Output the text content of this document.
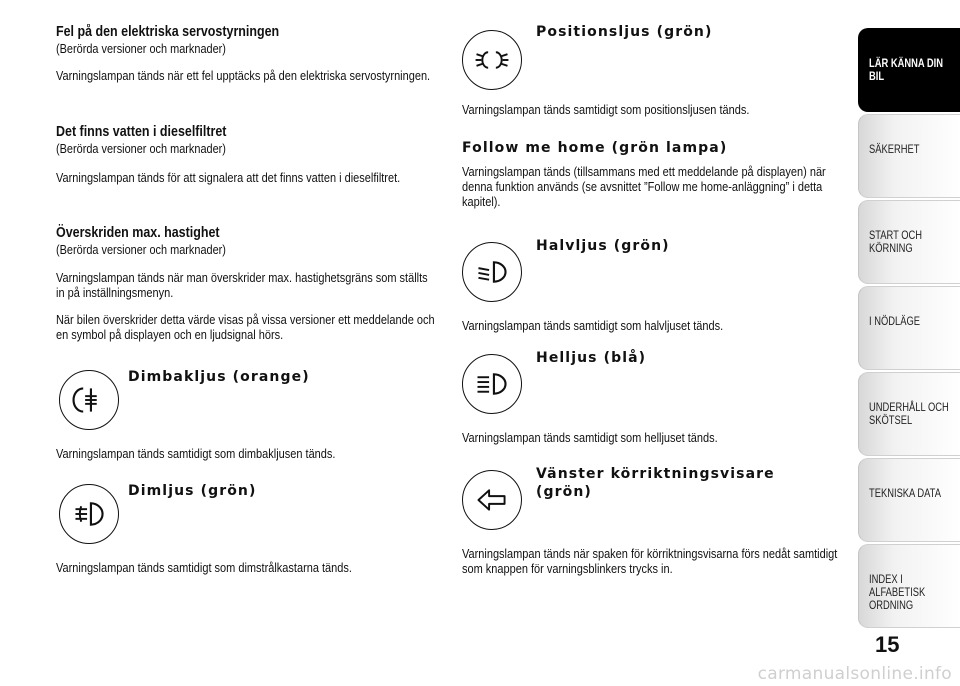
Fel på den elektriska servostyrningen

(Berörda versioner och marknader)

Varningslampan tänds när ett fel upptäcks på den elektriska servostyrningen.

Det finns vatten i dieselfiltret

(Berörda versioner och marknader)

Varningslampan tänds för att signalera att det finns vatten i dieselfiltret.

Överskriden max. hastighet

(Berörda versioner och marknader)

Varningslampan tänds när man överskrider max. hastighetsgräns som ställts in på inställningsmenyn.

När bilen överskrider detta värde visas på vissa versioner ett meddelande och en symbol på displayen och en ljudsignal hörs.

Dimbakljus (orange)

Varningslampan tänds samtidigt som dimbakljusen tänds.

Dimljus (grön)

Varningslampan tänds samtidigt som dimstrålkastarna tänds.

Positionsljus (grön)

Varningslampan tänds samtidigt som positionsljusen tänds.

Follow me home (grön lampa)

Varningslampan tänds (tillsammans med ett meddelande på displayen) när denna funktion används (se avsnittet ”Follow me home-anläggning” i detta kapitel).

Halvljus (grön)

Varningslampan tänds samtidigt som halvljuset tänds.

Helljus (blå)

Varningslampan tänds samtidigt som helljuset tänds.

Vänster körriktningsvisare

(grön)

Varningslampan tänds när spaken för körriktningsvisarna förs nedåt samtidigt som knappen för varningsblinkers trycks in.

LÄR KÄNNA DIN BIL
SÄKERHET
START OCH KÖRNING
I NÖDLÄGE
UNDERHÅLL OCH SKÖTSEL
TEKNISKA DATA
INDEX I ALFABETISK ORDNING
15
carmanualsonline.info
